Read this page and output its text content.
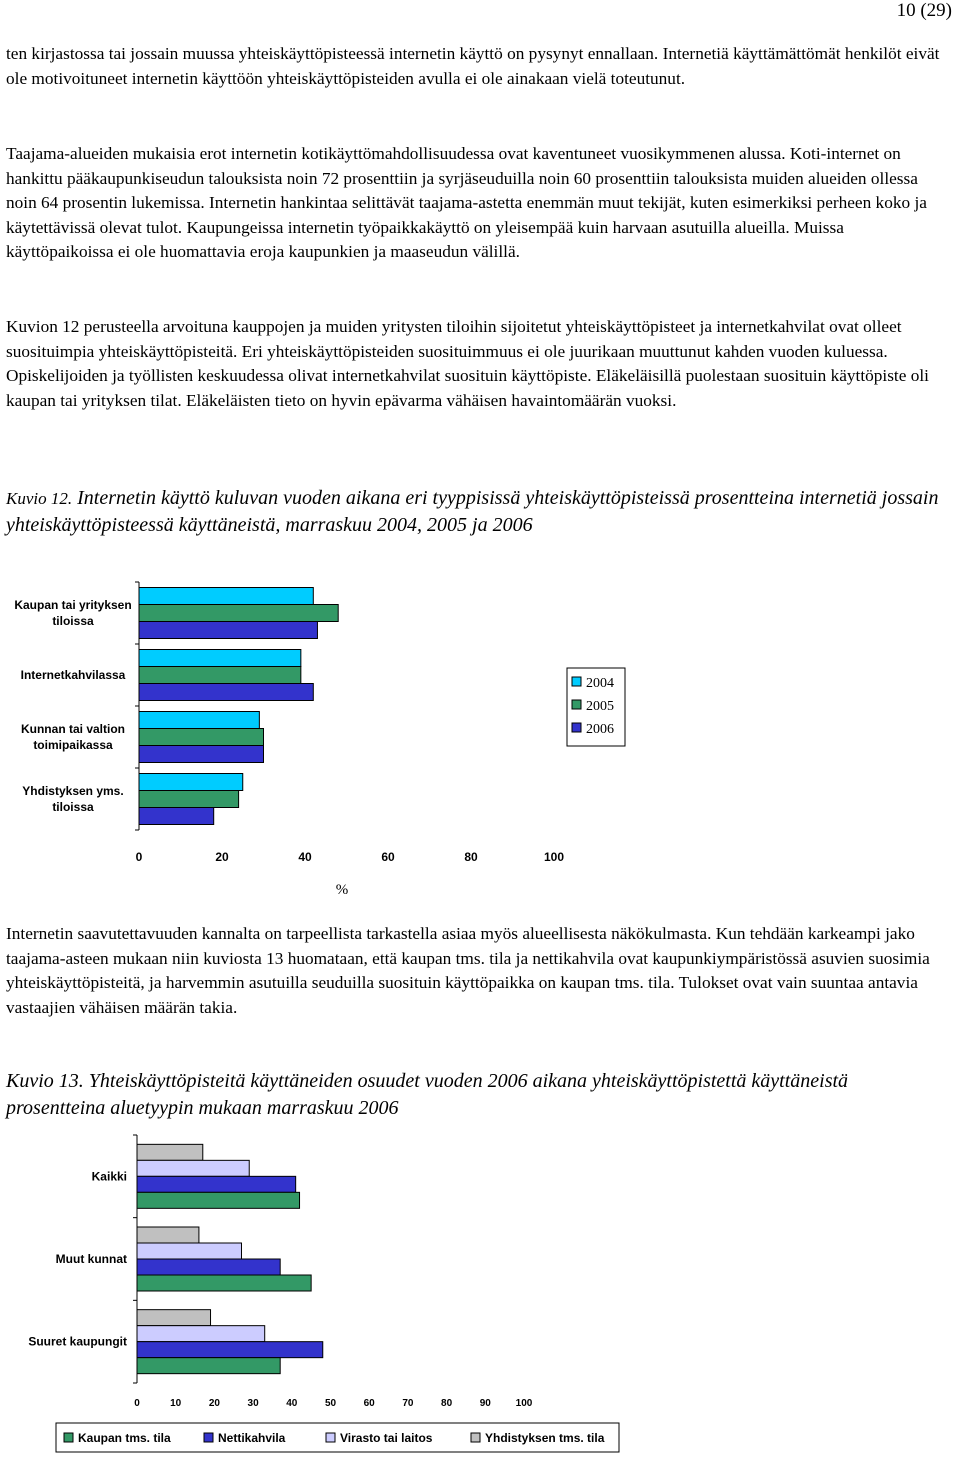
10 (29)

ten kirjastossa tai jossain muussa yhteiskäyttöpisteessä internetin käyttö on pysynyt ennallaan. Internetiä käyttämättömät henkilöt eivät ole motivoituneet internetin käyttöön yhteiskäyttöpisteiden avulla ei ole ainakaan vielä toteutunut.

Taajama-alueiden mukaisia erot internetin kotikäyttömahdollisuudessa ovat kaventuneet vuosikymmenen alussa. Koti-internet on hankittu pääkaupunkiseudun talouksista noin 72 prosenttiin ja syrjäseuduilla noin 60 prosenttiin talouksista muiden alueiden ollessa noin 64 prosentin lukemissa. Internetin hankintaa selittävät taajama-astetta enemmän muut tekijät, kuten esimerkiksi perheen koko ja käytettävissä olevat tulot. Kaupungeissa internetin työpaikkakäyttö on yleisempää kuin harvaan asutuilla alueilla. Muissa käyttöpaikoissa ei ole huomattavia eroja kaupunkien ja maaseudun välillä.

Kuvion 12 perusteella arvoituna kauppojen ja muiden yritysten tiloihin sijoitetut yhteiskäyttöpisteet ja internetkahvilat ovat olleet suosituimpia yhteiskäyttöpisteitä. Eri yhteiskäyttöpisteiden suosituimmuus ei ole juurikaan muuttunut kahden vuoden kuluessa. Opiskelijoiden ja työllisten keskuudessa olivat internetkahvilat suosituin käyttöpiste. Eläkeläisillä puolestaan suosituin käyttöpiste oli kaupan tai yrityksen tilat. Eläkeläisten tieto on hyvin epävarma vähäisen havaintomäärän vuoksi.

Kuvio 12. Internetin käyttö kuluvan vuoden aikana eri tyyppisissä yhteiskäyttöpisteissä prosentteina internetiä jossain yhteiskäyttöpisteessä käyttäneistä, marraskuu 2004, 2005 ja 2006

Kaupan tai yrityksen tiloissa
Internetkahvilassa
Kunnan tai valtion toimipaikassa
Yhdistyksen yms. tiloissa
0	20	40	60	80	100
%
2004
2005
2006

Internetin saavutettavuuden kannalta on tarpeellista tarkastella asiaa myös alueellisesta näkökulmasta. Kun tehdään karkeampi jako taajama-asteen mukaan niin kuviosta 13 huomataan, että kaupan tms. tila ja nettikahvila ovat kaupunkiympäristössä asuvien suosimia yhteiskäyttöpisteitä, ja harvemmin asutuilla seuduilla suosituin käyttöpaikka on kaupan tms. tila. Tulokset ovat vain suuntaa antavia vastaajien vähäisen määrän takia.

Kuvio 13. Yhteiskäyttöpisteitä käyttäneiden osuudet vuoden 2006 aikana yhteiskäyttöpistettä käyttäneistä prosentteina aluetyypin mukaan marraskuu 2006

Kaikki
Muut kunnat
Suuret kaupungit
0	10	20	30	40	50	60	70	80	90 100
Kaupan tms. tila	Nettikahvila	Virasto tai laitos	Yhdistyksen tms. tila
